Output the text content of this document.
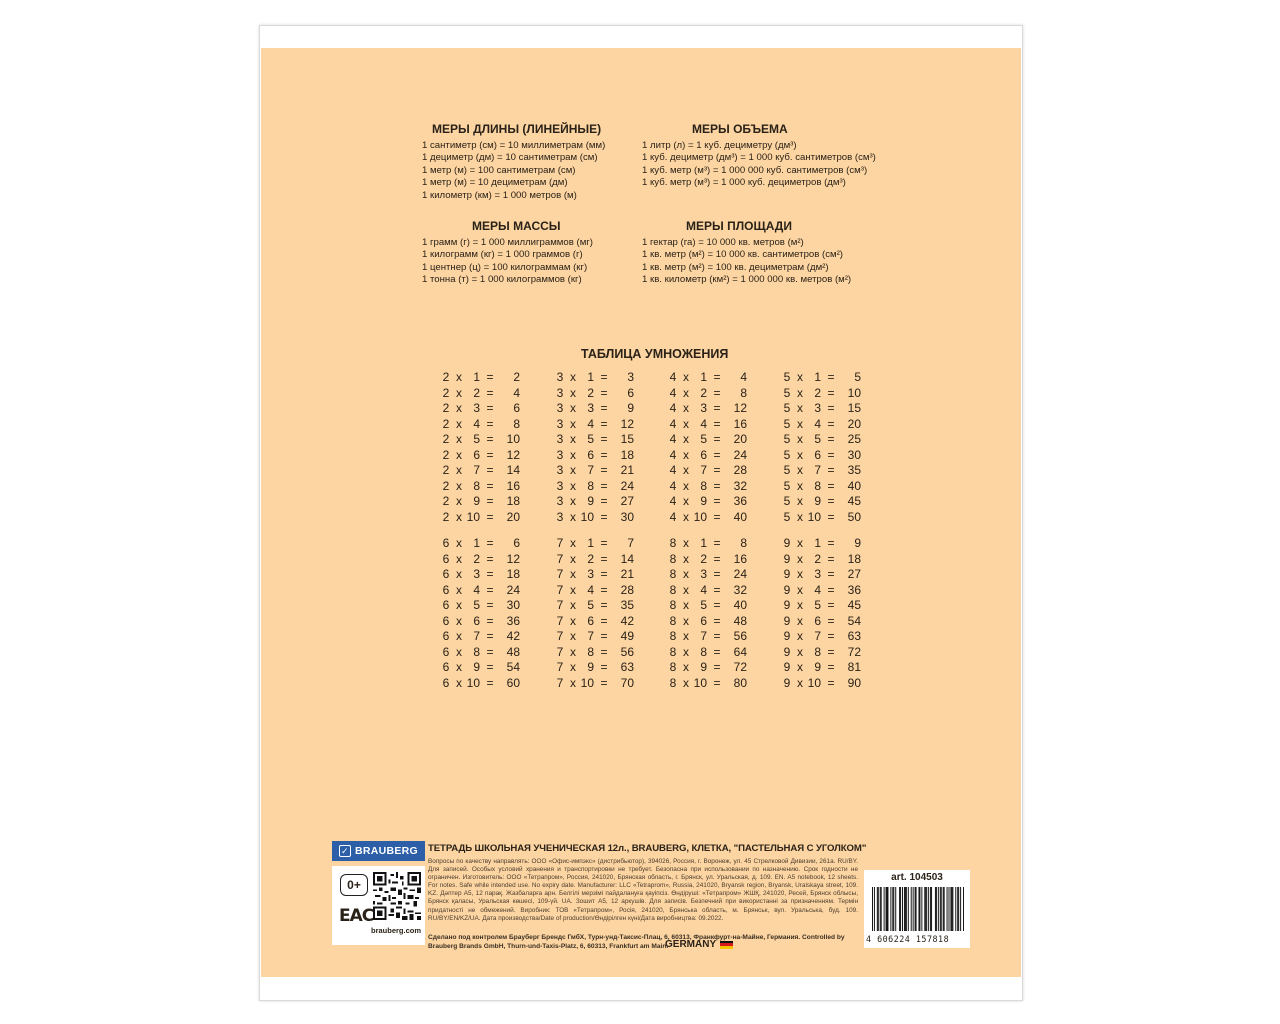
МЕРЫ ДЛИНЫ (ЛИНЕЙНЫЕ)
1 сантиметр (см) = 10 миллиметрам (мм)
1 дециметр (дм) = 10 сантиметрам (см)
1 метр (м) = 100 сантиметрам (см)
1 метр (м) = 10 дециметрам (дм)
1 километр (км) = 1 000 метров (м)
МЕРЫ ОБЪЕМА
1 литр (л) = 1 куб. дециметру (дм³)
1 куб. дециметр (дм³) = 1 000 куб. сантиметров (см³)
1 куб. метр (м³) = 1 000 000 куб. сантиметров (см³)
1 куб. метр (м³) = 1 000 куб. дециметров (дм³)
МЕРЫ МАССЫ
1 грамм (г) = 1 000 миллиграммов (мг)
1 килограмм (кг) = 1 000 граммов (г)
1 центнер (ц) = 100 килограммам (кг)
1 тонна (т) = 1 000 килограммов (кг)
МЕРЫ ПЛОЩАДИ
1 гектар (га) = 10 000 кв. метров (м²)
1 кв. метр (м²) = 10 000 кв. сантиметров (см²)
1 кв. метр (м²) = 100 кв. дециметрам (дм²)
1 кв. километр (км²) = 1 000 000 кв. метров (м²)
ТАБЛИЦА УМНОЖЕНИЯ
2 x 1 =	2
2 x 2 =	4
2 x 3 =	6
2 x 4 =	8
2 x 5 =	10
2 x 6 =	12
2 x 7 =	14
2 x 8 =	16
2 x 9 =	18
2 x 10 =	20
3 x 1 =	3
3 x 2 =	6
3 x 3 =	9
3 x 4 =	12
3 x 5 =	15
3 x 6 =	18
3 x 7 =	21
3 x 8 =	24
3 x 9 =	27
3 x 10 =	30
4 x 1 =	4
4 x 2 =	8
4 x 3 =	12
4 x 4 =	16
4 x 5 =	20
4 x 6 =	24
4 x 7 =	28
4 x 8 =	32
4 x 9 =	36
4 x 10 =	40
5 x 1 =	5
5 x 2 =	10
5 x 3 =	15
5 x 4 =	20
5 x 5 =	25
5 x 6 =	30
5 x 7 =	35
5 x 8 =	40
5 x 9 =	45
5 x 10 =	50
6 x 1 =	6
6 x 2 =	12
6 x 3 =	18
6 x 4 =	24
6 x 5 =	30
6 x 6 =	36
6 x 7 =	42
6 x 8 =	48
6 x 9 =	54
6 x 10 =	60
7 x 1 =	7
7 x 2 =	14
7 x 3 =	21
7 x 4 =	28
7 x 5 =	35
7 x 6 =	42
7 x 7 =	49
7 x 8 =	56
7 x 9 =	63
7 x 10 =	70
8 x 1 =	8
8 x 2 =	16
8 x 3 =	24
8 x 4 =	32
8 x 5 =	40
8 x 6 =	48
8 x 7 =	56
8 x 8 =	64
8 x 9 =	72
8 x 10 =	80
9 x 1 =	9
9 x 2 =	18
9 x 3 =	27
9 x 4 =	36
9 x 5 =	45
9 x 6 =	54
9 x 7 =	63
9 x 8 =	72
9 x 9 =	81
9 x 10 =	90
✓ BRAUBERG
0+
EAC
brauberg.com
ТЕТРАДЬ ШКОЛЬНАЯ УЧЕНИЧЕСКАЯ 12л., BRAUBERG, КЛЕТКА, "ПАСТЕЛЬНАЯ С УГОЛКОМ"
Вопросы по качеству направлять: ООО «Офис-импэкс» (дистрибьютор), 394026, Россия, г. Воронеж, ул. 45 Стрелковой Дивизии, 261а. RU/BY. Для записей. Особых условий хранения и транспортировки не требует. Безопасна при использовании по назначению. Срок годности не ограничен. Изготовитель: ООО «Тетрапром», Россия, 241020, Брянская область, г. Брянск, ул. Уральская, д. 109. EN. A5 notebook, 12 sheets. For notes. Safe while intended use. No expiry date. Manufacturer: LLC «Tetraprom», Russia, 241020, Bryansk region, Bryansk, Uralskaya street, 109. KZ. Дәптер A5, 12 парақ. Жазбаларға арн. Белгілі мерзімі пайдалануға қауіпсіз. Өндіруші: «Тетрапром» ЖШҚ, 241020, Ресей, Брянск облысы, Брянск қаласы, Уральская көшесі, 109-үй. UA. Зошит A5, 12 аркушів. Для записів. Безпечний при використанні за призначенням. Термін придатності не обмежений. Виробник: ТОВ «Тетрапром», Росія, 241020, Брянська область, м. Брянськ, вул. Уральська, буд. 109. RU/BY/EN/KZ/UA. Дата производства/Date of production/Өндірілген күні/Дата виробництва: 09.2022.
Сделано под контролем Брауберг Брендс ГмбХ, Турн-унд-Таксис-Плац, 6, 60313, Франкфурт-на-Майне, Германия. Controlled by Brauberg Brands GmbH, Thurn-und-Taxis-Platz, 6, 60313, Frankfurt am Main.
GERMANY
art. 104503
4 606224 157818
